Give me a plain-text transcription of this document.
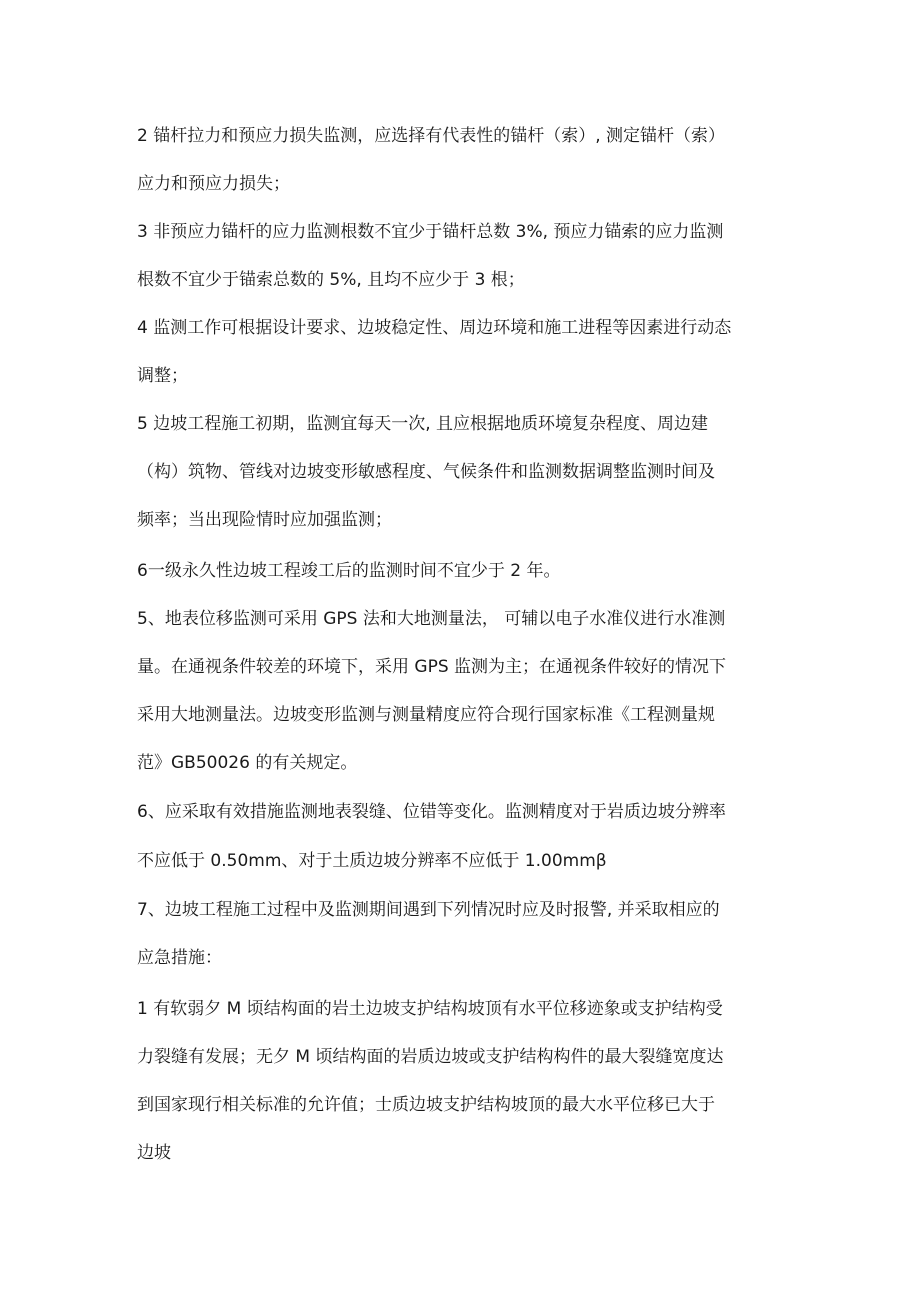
2 锚杆拉力和预应力损失监测，应选择有代表性的锚杆（索）, 测定锚杆（索）
应力和预应力损失；
3 非预应力锚杆的应力监测根数不宜少于锚杆总数 3%, 预应力锚索的应力监测
根数不宜少于锚索总数的 5%, 且均不应少于 3 根；
4 监测工作可根据设计要求、边坡稳定性、周边环境和施工进程等因素进行动态
调整；
5 边坡工程施工初期，监测宜每天一次, 且应根据地质环境复杂程度、周边建
（构）筑物、管线对边坡变形敏感程度、气候条件和监测数据调整监测时间及
频率；当出现险情时应加强监测；
6一级永久性边坡工程竣工后的监测时间不宜少于 2 年。
5、地表位移监测可采用 GPS 法和大地测量法， 可辅以电子水准仪进行水准测
量。在通视条件较差的环境下，采用 GPS 监测为主；在通视条件较好的情况下
采用大地测量法。边坡变形监测与测量精度应符合现行国家标准《工程测量规
范》GB50026 的有关规定。
6、应采取有效措施监测地表裂缝、位错等变化。监测精度对于岩质边坡分辨率
不应低于 0.50mm、对于土质边坡分辨率不应低于 1.00mmβ
7、边坡工程施工过程中及监测期间遇到下列情况时应及时报警, 并采取相应的
应急措施：
1 有软弱夕 M 顷结构面的岩土边坡支护结构坡顶有水平位移迹象或支护结构受
力裂缝有发展；无夕 M 顷结构面的岩质边坡或支护结构构件的最大裂缝宽度达
到国家现行相关标准的允许值；士质边坡支护结构坡顶的最大水平位移已大于
边坡
